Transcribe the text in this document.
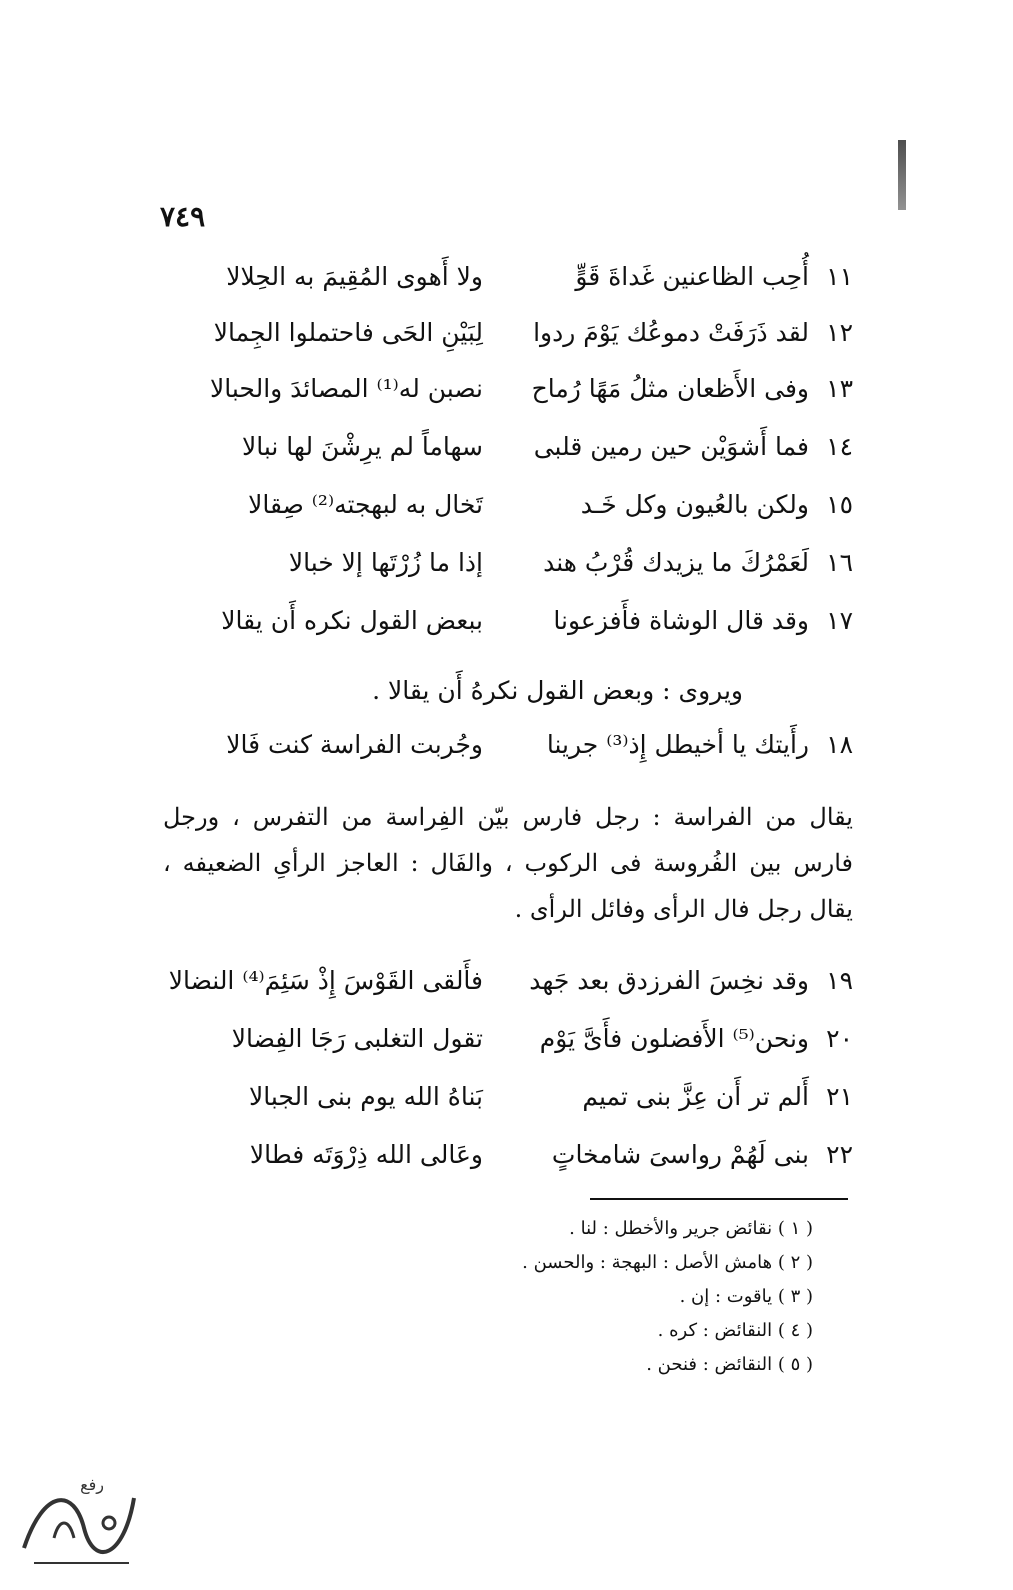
٧٤٩
١١
أُحِب الظاعنين غَداةَ قَوٍّ
ولا أَهوى المُقِيمَ به الحِلالا
١٢
لقد ذَرَفَتْ دموعُك يَوْمَ ردوا
لِبَيْنِ الحَى فاحتملوا الجِمالا
١٣
وفى الأَظعان مثلُ مَهًا رُماح
نصبن له⁽¹⁾ المصائدَ والحبالا
١٤
فما أَشوَيْن حين رمين قلبى
سهاماً لم يرِشْنَ لها نبالا
١٥
ولكن بالعُيون وكل خَـد
تَخال به لبهجته⁽²⁾ صِقالا
١٦
لَعَمْرُكَ ما يزيدك قُرْبُ هند
إذا ما زُرْتَها إلا خبالا
١٧
وقد قال الوشاة فأَفزعونا
ببعض القول نكره أَن يقالا
ويروى : وبعض القول نكرهُ أَن يقالا .
١٨
رأَيتك يا أخيطل إِذ⁽³⁾ جرينا
وجُربت الفراسة كنت فَالا
يقال من الفراسة : رجل فارس بيّن الفِراسة من التفرس ، ورجل فارس بين الفُروسة فى الركوب ، والفَال : العاجز الرأىِ الضعيفه ، يقال رجل فال الرأى وفائل الرأى .
١٩
وقد نخِسَ الفرزدق بعد جَهد
فأَلقى القَوْسَ إِذْ سَئِمَ⁽⁴⁾ النضالا
٢٠
ونحن⁽⁵⁾ الأَفضلون فأَىَّ يَوْم
تقول التغلبى رَجَا الفِضالا
٢١
أَلم تر أَن عِزَّ بنى تميم
بَناهُ الله يوم بنى الجبالا
٢٢
بنى لَهُمْ رواسىَ شامخاتٍ
وعَالى الله ذِرْوَتَه فطالا
( ١ ) نقائض جرير والأخطل : لنا .
( ٢ ) هامش الأصل : البهجة : والحسن .
( ٣ ) ياقوت : إن .
( ٤ ) النقائض : كره .
( ٥ ) النقائض : فنحن .
رفع
